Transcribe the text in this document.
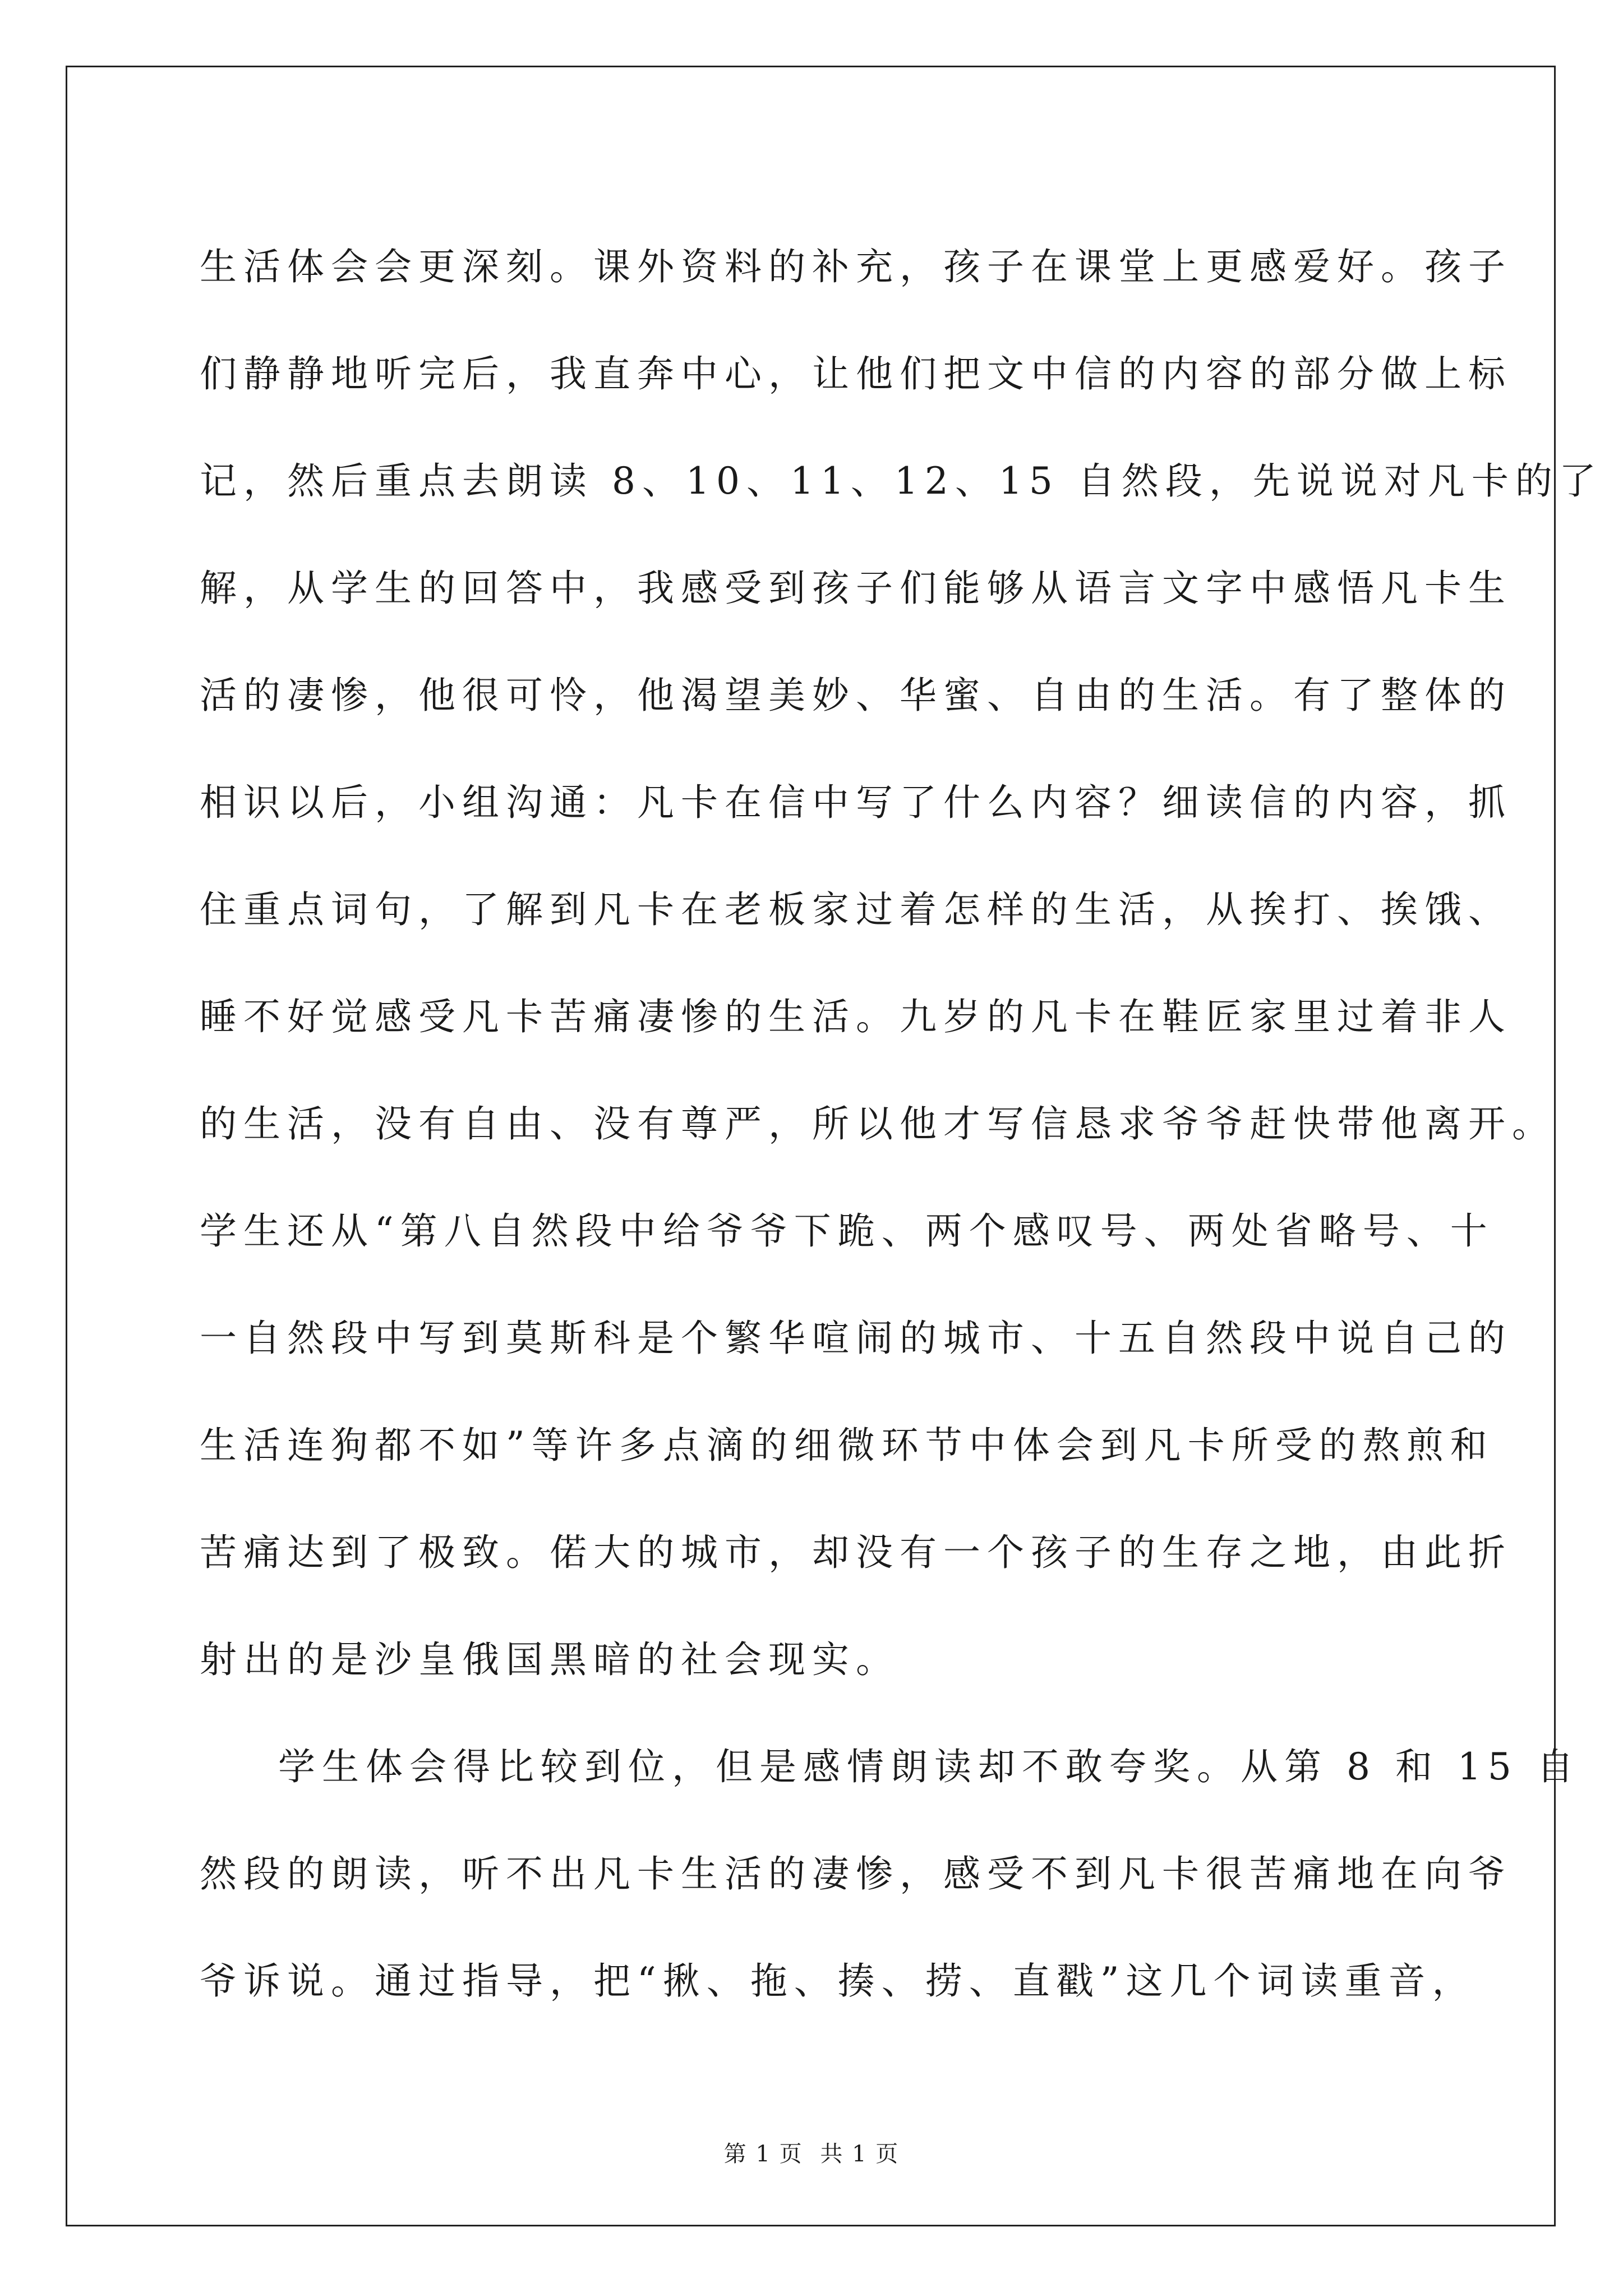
生活体会会更深刻。课外资料的补充，孩子在课堂上更感爱好。孩子
们静静地听完后，我直奔中心，让他们把文中信的内容的部分做上标
记，然后重点去朗读 8、10、11、12、15 自然段，先说说对凡卡的了
解，从学生的回答中，我感受到孩子们能够从语言文字中感悟凡卡生
活的凄惨，他很可怜，他渴望美妙、华蜜、自由的生活。有了整体的
相识以后，小组沟通：凡卡在信中写了什么内容？细读信的内容，抓
住重点词句，了解到凡卡在老板家过着怎样的生活，从挨打、挨饿、
睡不好觉感受凡卡苦痛凄惨的生活。九岁的凡卡在鞋匠家里过着非人
的生活，没有自由、没有尊严，所以他才写信恳求爷爷赶快带他离开。
学生还从“第八自然段中给爷爷下跪、两个感叹号、两处省略号、十
一自然段中写到莫斯科是个繁华喧闹的城市、十五自然段中说自己的
生活连狗都不如”等许多点滴的细微环节中体会到凡卡所受的熬煎和
苦痛达到了极致。偌大的城市，却没有一个孩子的生存之地，由此折
射出的是沙皇俄国黑暗的社会现实。

学生体会得比较到位，但是感情朗读却不敢夸奖。从第 8 和 15 自
然段的朗读，听不出凡卡生活的凄惨，感受不到凡卡很苦痛地在向爷
爷诉说。通过指导，把“揪、拖、揍、捞、直戳”这几个词读重音，

第 1 页 共 1 页
